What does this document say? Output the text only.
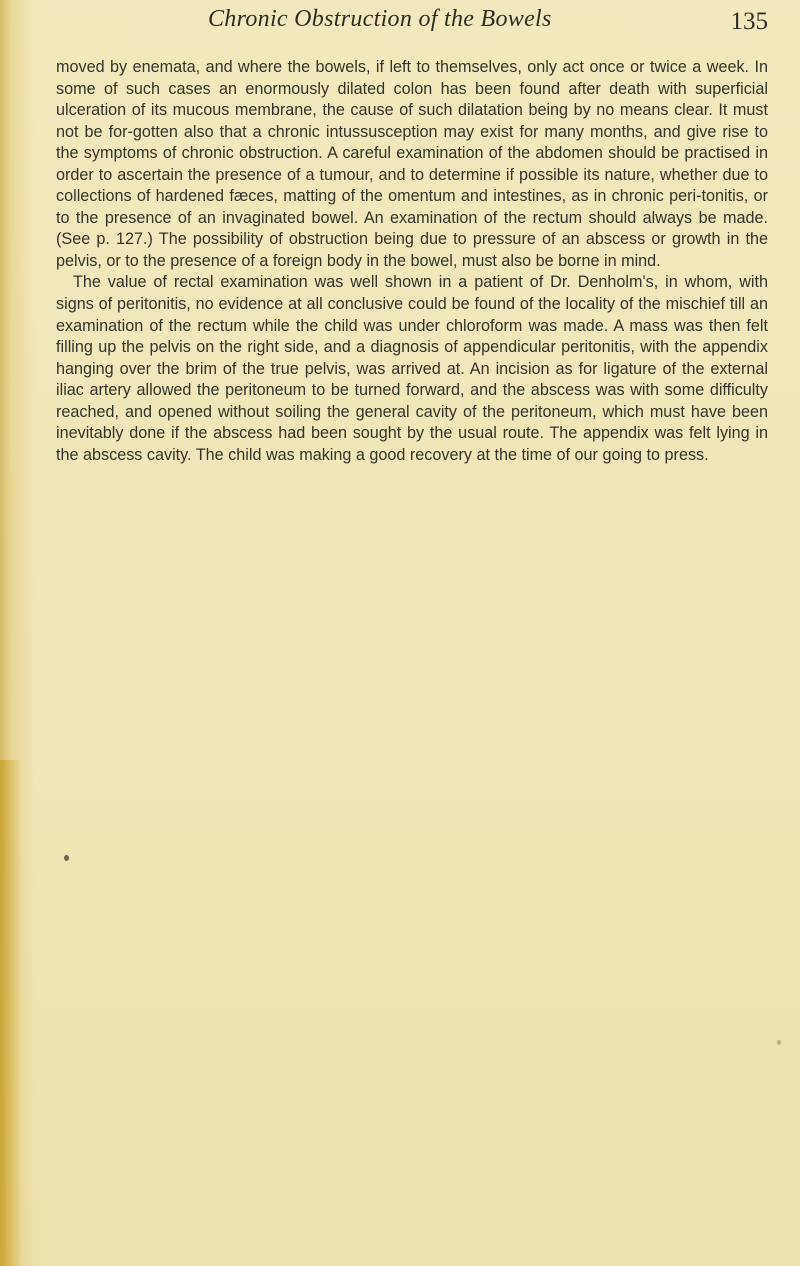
Chronic Obstruction of the Bowels	135

moved by enemata, and where the bowels, if left to themselves, only act once or twice a week. In some of such cases an enormously dilated colon has been found after death with superficial ulceration of its mucous membrane, the cause of such dilatation being by no means clear. It must not be for-gotten also that a chronic intussusception may exist for many months, and give rise to the symptoms of chronic obstruction. A careful examination of the abdomen should be practised in order to ascertain the presence of a tumour, and to determine if possible its nature, whether due to collections of hardened fæces, matting of the omentum and intestines, as in chronic peri-tonitis, or to the presence of an invaginated bowel. An examination of the rectum should always be made. (See p. 127.) The possibility of obstruction being due to pressure of an abscess or growth in the pelvis, or to the presence of a foreign body in the bowel, must also be borne in mind.

The value of rectal examination was well shown in a patient of Dr. Denholm's, in whom, with signs of peritonitis, no evidence at all conclusive could be found of the locality of the mischief till an examination of the rectum while the child was under chloroform was made. A mass was then felt filling up the pelvis on the right side, and a diagnosis of appendicular peritonitis, with the appendix hanging over the brim of the true pelvis, was arrived at. An incision as for ligature of the external iliac artery allowed the peritoneum to be turned forward, and the abscess was with some difficulty reached, and opened without soiling the general cavity of the peritoneum, which must have been inevitably done if the abscess had been sought by the usual route. The appendix was felt lying in the abscess cavity. The child was making a good recovery at the time of our going to press.
